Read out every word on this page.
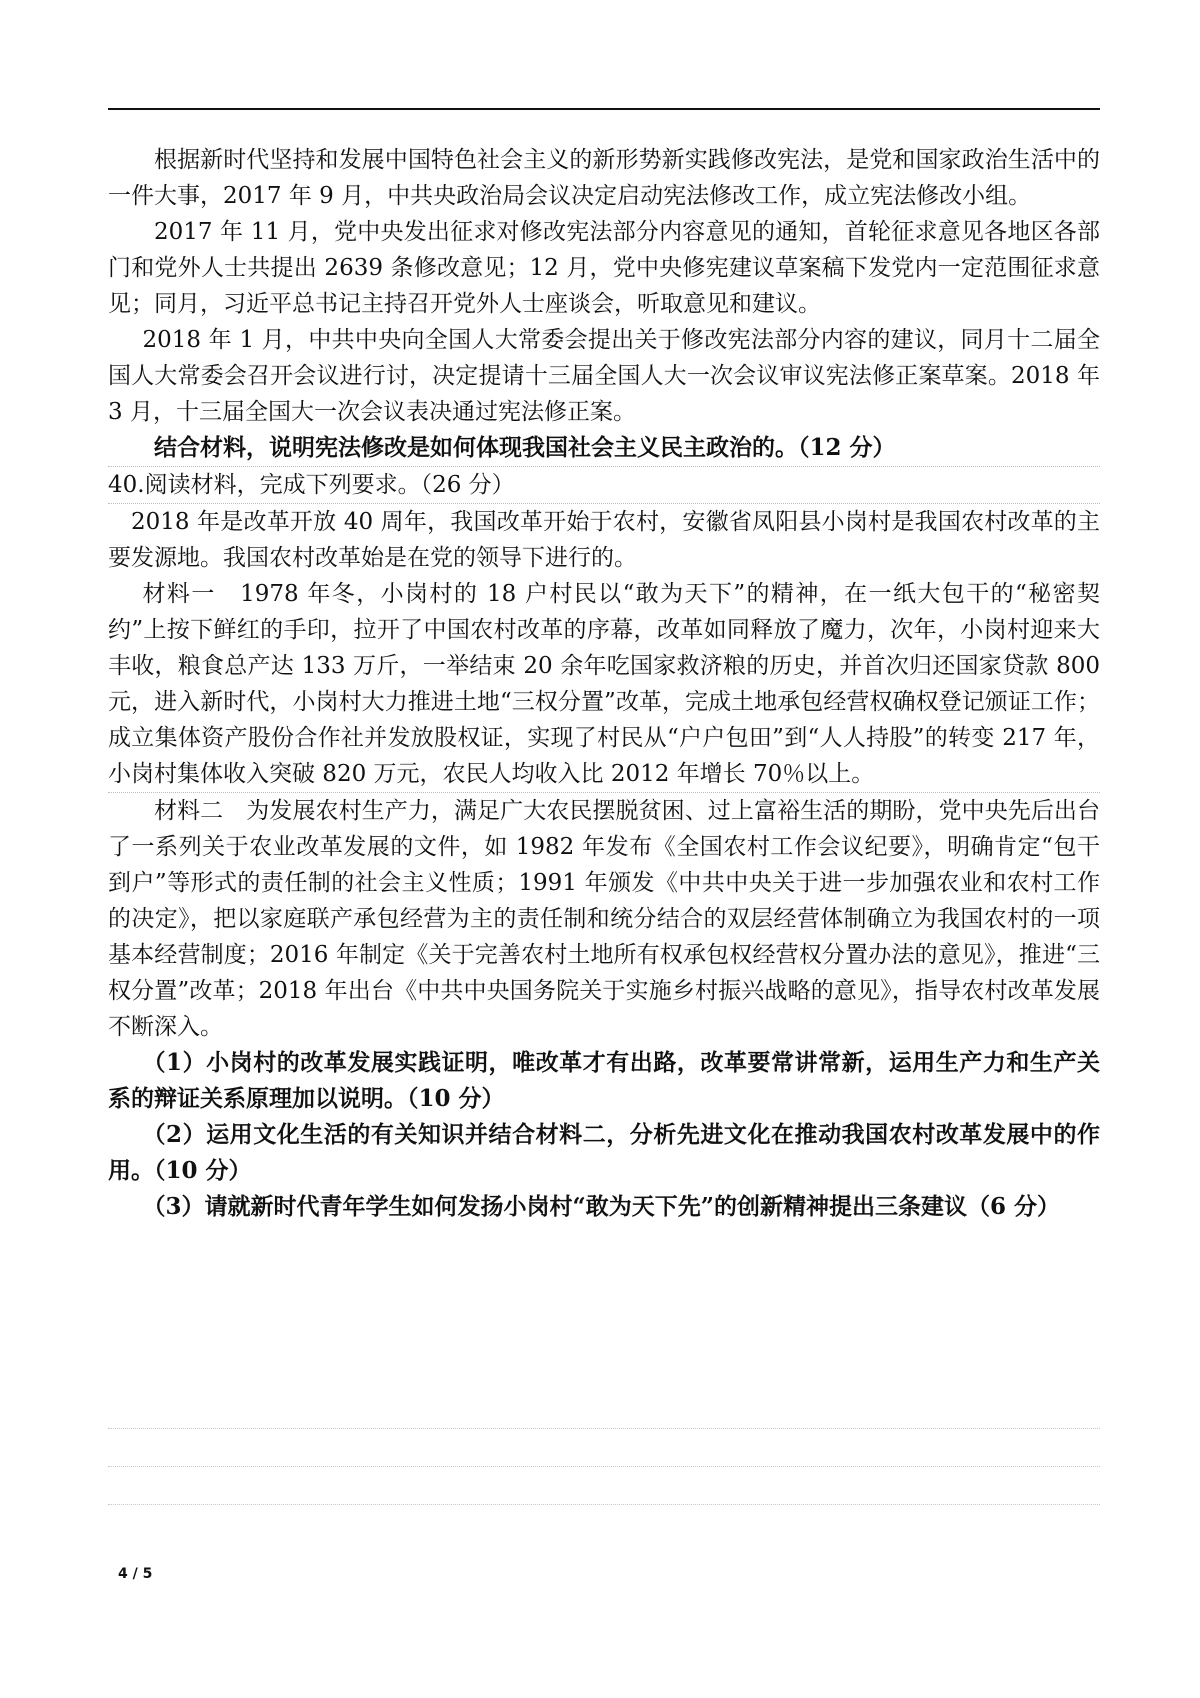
根据新时代坚持和发展中国特色社会主义的新形势新实践修改宪法，是党和国家政治生活中的一件大事，2017 年 9 月，中共央政治局会议决定启动宪法修改工作，成立宪法修改小组。

2017 年 11 月，党中央发出征求对修改宪法部分内容意见的通知，首轮征求意见各地区各部门和党外人士共提出 2639 条修改意见；12 月，党中央修宪建议草案稿下发党内一定范围征求意见；同月，习近平总书记主持召开党外人士座谈会，听取意见和建议。

2018 年 1 月，中共中央向全国人大常委会提出关于修改宪法部分内容的建议，同月十二届全国人大常委会召开会议进行讨，决定提请十三届全国人大一次会议审议宪法修正案草案。2018 年 3 月，十三届全国大一次会议表决通过宪法修正案。

结合材料，说明宪法修改是如何体现我国社会主义民主政治的。（12 分）

40.阅读材料，完成下列要求。（26 分）

2018 年是改革开放 40 周年，我国改革开始于农村，安徽省凤阳县小岗村是我国农村改革的主要发源地。我国农村改革始是在党的领导下进行的。

材料一　1978 年冬，小岗村的 18 户村民以“敢为天下”的精神，在一纸大包干的“秘密契约”上按下鲜红的手印，拉开了中国农村改革的序幕，改革如同释放了魔力，次年，小岗村迎来大丰收，粮食总产达 133 万斤，一举结束 20 余年吃国家救济粮的历史，并首次归还国家贷款 800 元，进入新时代，小岗村大力推进土地“三权分置”改革，完成土地承包经营权确权登记颁证工作；成立集体资产股份合作社并发放股权证，实现了村民从“户户包田”到“人人持股”的转变 217 年，小岗村集体收入突破 820 万元，农民人均收入比 2012 年增长 70％以上。

材料二　为发展农村生产力，满足广大农民摆脱贫困、过上富裕生活的期盼，党中央先后出台了一系列关于农业改革发展的文件，如 1982 年发布《全国农村工作会议纪要》，明确肯定“包干到户”等形式的责任制的社会主义性质；1991 年颁发《中共中央关于进一步加强农业和农村工作的决定》，把以家庭联产承包经营为主的责任制和统分结合的双层经营体制确立为我国农村的一项基本经营制度；2016 年制定《关于完善农村土地所有权承包权经营权分置办法的意见》，推进“三权分置”改革；2018 年出台《中共中央国务院关于实施乡村振兴战略的意见》，指导农村改革发展不断深入。

（1）小岗村的改革发展实践证明，唯改革才有出路，改革要常讲常新，运用生产力和生产关系的辩证关系原理加以说明。（10 分）

（2）运用文化生活的有关知识并结合材料二，分析先进文化在推动我国农村改革发展中的作用。（10 分）

（3）请就新时代青年学生如何发扬小岗村“敢为天下先”的创新精神提出三条建议（6 分）

4 / 5
